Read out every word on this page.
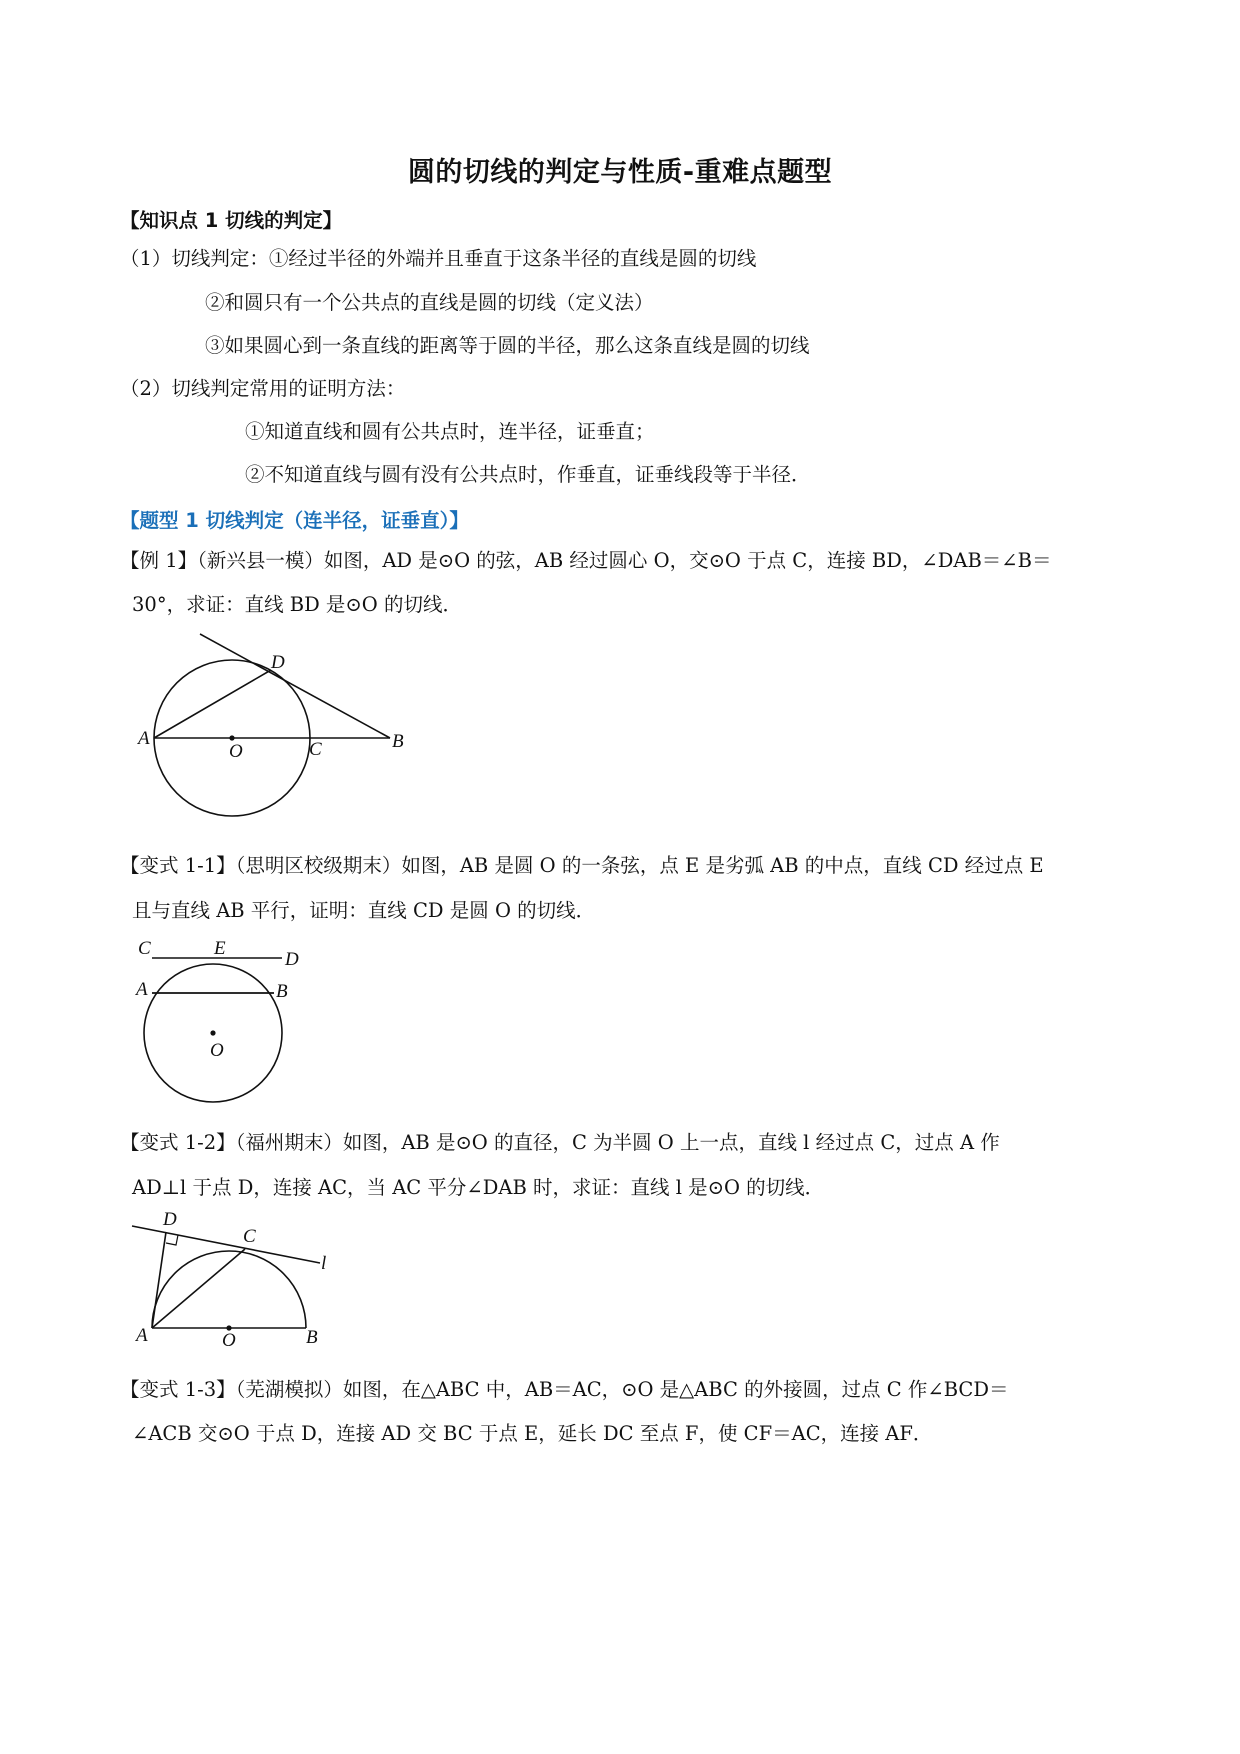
圆的切线的判定与性质-重难点题型
【知识点 1 切线的判定】
（1）切线判定：①经过半径的外端并且垂直于这条半径的直线是圆的切线
②和圆只有一个公共点的直线是圆的切线（定义法）
③如果圆心到一条直线的距离等于圆的半径，那么这条直线是圆的切线
（2）切线判定常用的证明方法：
①知道直线和圆有公共点时，连半径，证垂直；
②不知道直线与圆有没有公共点时，作垂直，证垂线段等于半径．
【题型 1 切线判定（连半径，证垂直）】
【例 1】（新兴县一模）如图，AD 是⊙O 的弦，AB 经过圆心 O，交⊙O 于点 C，连接 BD，∠DAB＝∠B＝
30°，求证：直线 BD 是⊙O 的切线．
A
O	C	B
D
【变式 1-1】（思明区校级期末）如图，AB 是圆 O 的一条弦，点 E 是劣弧 AB 的中点，直线 CD 经过点 E
且与直线 AB 平行，证明：直线 CD 是圆 O 的切线．
C	E
D
A	B
O
【变式 1-2】（福州期末）如图，AB 是⊙O 的直径，C 为半圆 O 上一点，直线 l 经过点 C，过点 A 作
AD⊥l 于点 D，连接 AC，当 AC 平分∠DAB 时，求证：直线 l 是⊙O 的切线．
D
C
l
A	O	B
【变式 1-3】（芜湖模拟）如图，在△ABC 中，AB＝AC，⊙O 是△ABC 的外接圆，过点 C 作∠BCD＝
∠ACB 交⊙O 于点 D，连接 AD 交 BC 于点 E，延长 DC 至点 F，使 CF＝AC，连接 AF．
